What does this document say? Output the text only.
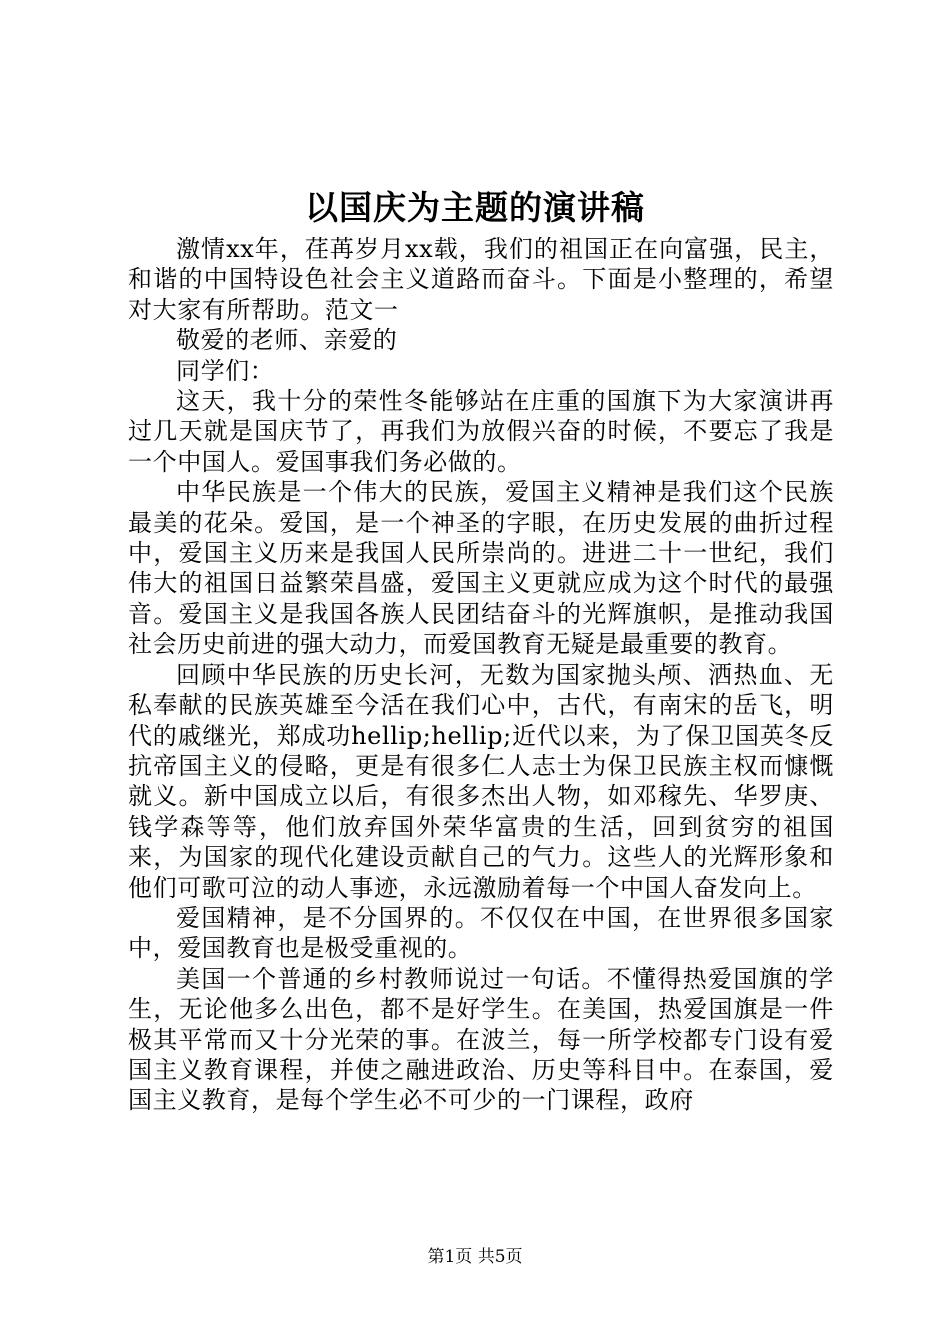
以国庆为主题的演讲稿

激情xx年，荏苒岁月xx载，我们的祖国正在向富强，民主，和谐的中国特设色社会主义道路而奋斗。下面是小整理的，希望对大家有所帮助。范文一

敬爱的老师、亲爱的

同学们：

这天，我十分的荣性冬能够站在庄重的国旗下为大家演讲再过几天就是国庆节了，再我们为放假兴奋的时候，不要忘了我是一个中国人。爱国事我们务必做的。

中华民族是一个伟大的民族，爱国主义精神是我们这个民族最美的花朵。爱国，是一个神圣的字眼，在历史发展的曲折过程中，爱国主义历来是我国人民所崇尚的。进进二十一世纪，我们伟大的祖国日益繁荣昌盛，爱国主义更就应成为这个时代的最强音。爱国主义是我国各族人民团结奋斗的光辉旗帜，是推动我国社会历史前进的强大动力，而爱国教育无疑是最重要的教育。

回顾中华民族的历史长河，无数为国家抛头颅、洒热血、无私奉献的民族英雄至今活在我们心中，古代，有南宋的岳飞，明代的戚继光，郑成功hellip;hellip;近代以来，为了保卫国英冬反抗帝国主义的侵略，更是有很多仁人志士为保卫民族主权而慷慨就义。新中国成立以后，有很多杰出人物，如邓稼先、华罗庚、钱学森等等，他们放弃国外荣华富贵的生活，回到贫穷的祖国来，为国家的现代化建设贡献自己的气力。这些人的光辉形象和他们可歌可泣的动人事迹，永远激励着每一个中国人奋发向上。

爱国精神，是不分国界的。不仅仅在中国，在世界很多国家中，爱国教育也是极受重视的。

美国一个普通的乡村教师说过一句话。不懂得热爱国旗的学生，无论他多么出色，都不是好学生。在美国，热爱国旗是一件极其平常而又十分光荣的事。在波兰，每一所学校都专门设有爱国主义教育课程，并使之融进政治、历史等科目中。在泰国，爱国主义教育，是每个学生必不可少的一门课程，政府

第1页 共5页
